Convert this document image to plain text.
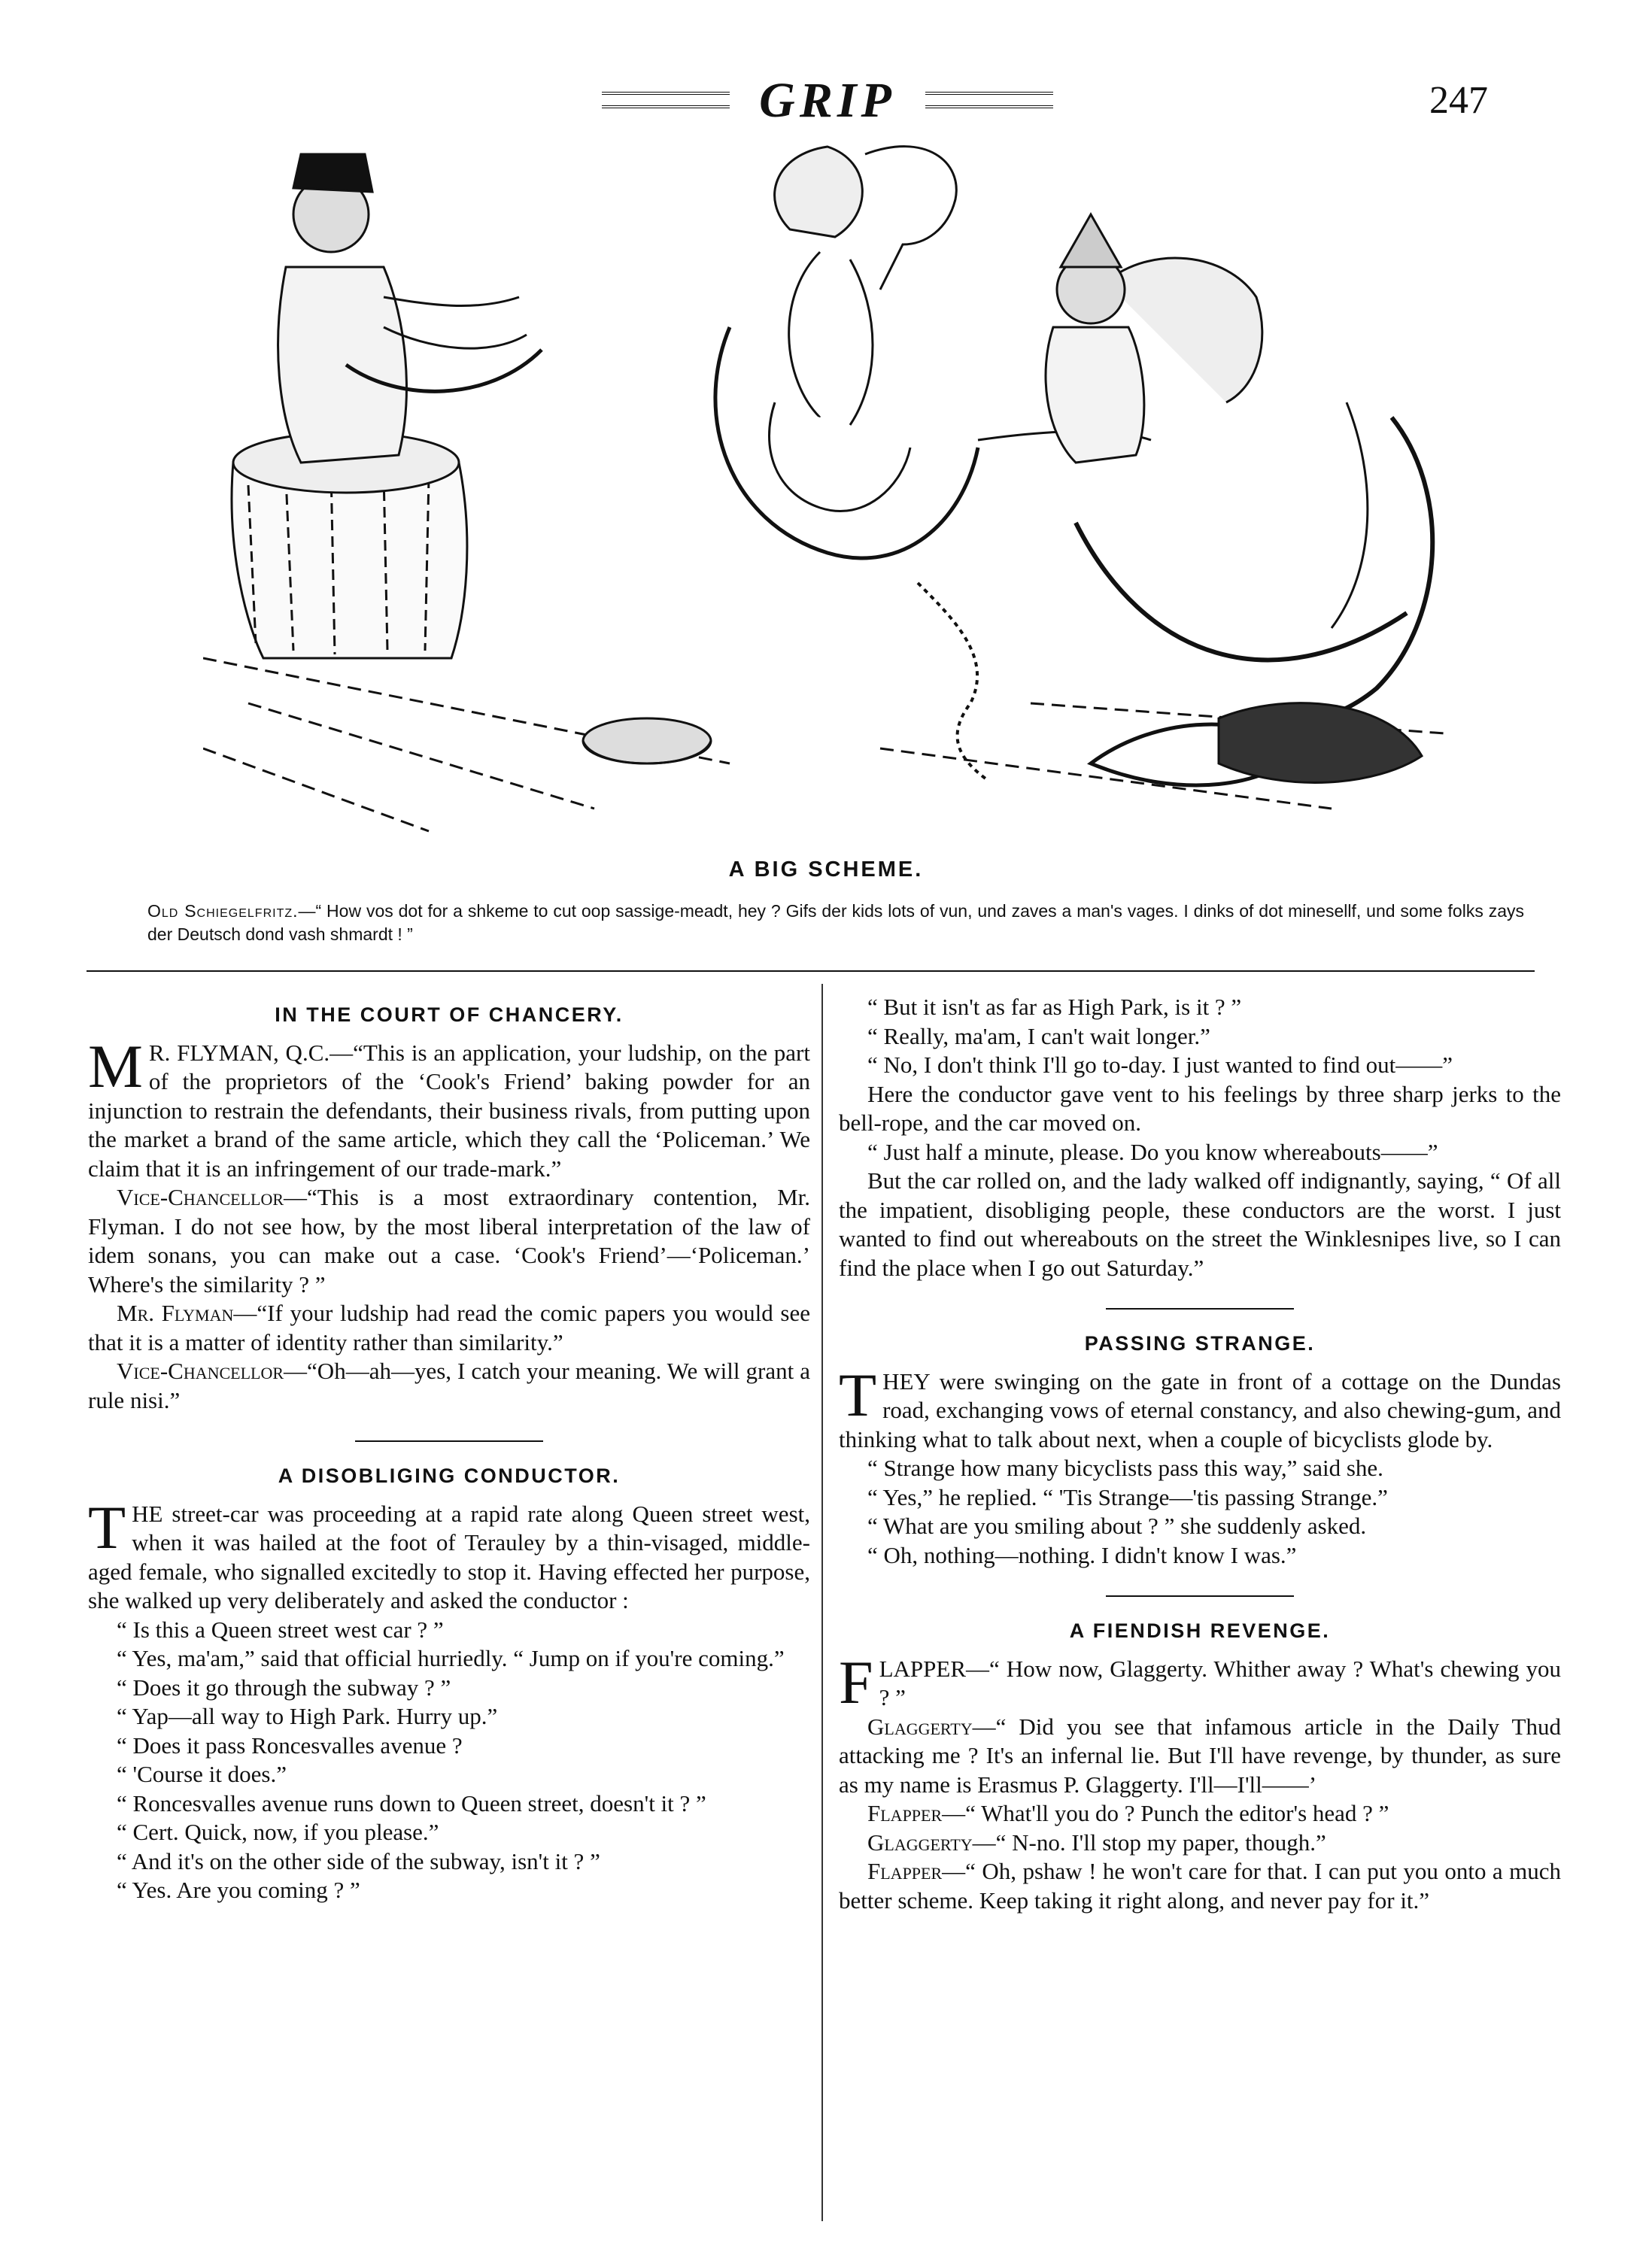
GRIP	247
A BIG SCHEME.
Old Schiegelfritz.—“ How vos dot for a shkeme to cut oop sassige-meadt, hey ? Gifs der kids lots of vun, und zaves a man's vages. I dinks of dot minesellf, und some folks zays der Deutsch dond vash shmardt ! ”
IN THE COURT OF CHANCERY.

M R. FLYMAN, Q.C.—“This is an application, your ludship, on the part of the proprietors of the ‘Cook's Friend’ baking powder for an injunction to restrain the defendants, their business rivals, from putting upon the market a brand of the same article, which they call the ‘Policeman.’ We claim that it is an infringement of our trade-mark.”

Vice-Chancellor—“This is a most extraordinary contention, Mr. Flyman. I do not see how, by the most liberal interpretation of the law of idem sonans, you can make out a case. ‘Cook's Friend’—‘Policeman.’ Where's the similarity ? ”

Mr. Flyman—“If your ludship had read the comic papers you would see that it is a matter of identity rather than similarity.”

Vice-Chancellor—“Oh—ah—yes, I catch your meaning. We will grant a rule nisi.”

A DISOBLIGING CONDUCTOR.

THE street-car was proceeding at a rapid rate along Queen street west, when it was hailed at the foot of Terauley by a thin-visaged, middle-aged female, who signalled excitedly to stop it. Having effected her purpose, she walked up very deliberately and asked the conductor :

“ Is this a Queen street west car ? ”

“ Yes, ma'am,” said that official hurriedly. “ Jump on if you're coming.”

“ Does it go through the subway ? ”

“ Yap—all way to High Park. Hurry up.”

“ Does it pass Roncesvalles avenue ?

“ 'Course it does.”

“ Roncesvalles avenue runs down to Queen street, doesn't it ? ”

“ Cert. Quick, now, if you please.”

“ And it's on the other side of the subway, isn't it ? ”

“ Yes. Are you coming ? ”

“ But it isn't as far as High Park, is it ? ”

“ Really, ma'am, I can't wait longer.”

“ No, I don't think I'll go to-day. I just wanted to find out——”

Here the conductor gave vent to his feelings by three sharp jerks to the bell-rope, and the car moved on.

“ Just half a minute, please. Do you know whereabouts——”

But the car rolled on, and the lady walked off indignantly, saying, “ Of all the impatient, disobliging people, these conductors are the worst. I just wanted to find out whereabouts on the street the Winklesnipes live, so I can find the place when I go out Saturday.”

PASSING STRANGE.

THEY were swinging on the gate in front of a cottage on the Dundas road, exchanging vows of eternal constancy, and also chewing-gum, and thinking what to talk about next, when a couple of bicyclists glode by.

“ Strange how many bicyclists pass this way,” said she.

“ Yes,” he replied. “ 'Tis Strange—'tis passing Strange.”

“ What are you smiling about ? ” she suddenly asked.

“ Oh, nothing—nothing. I didn't know I was.”

A FIENDISH REVENGE.

FLAPPER—“ How now, Glaggerty. Whither away ? What's chewing you ? ”

Glaggerty—“ Did you see that infamous article in the Daily Thud attacking me ? It's an infernal lie. But I'll have revenge, by thunder, as sure as my name is Erasmus P. Glaggerty. I'll—I'll——’

Flapper—“ What'll you do ? Punch the editor's head ? ”

Glaggerty—“ N-no. I'll stop my paper, though.”

Flapper—“ Oh, pshaw ! he won't care for that. I can put you onto a much better scheme. Keep taking it right along, and never pay for it.”
